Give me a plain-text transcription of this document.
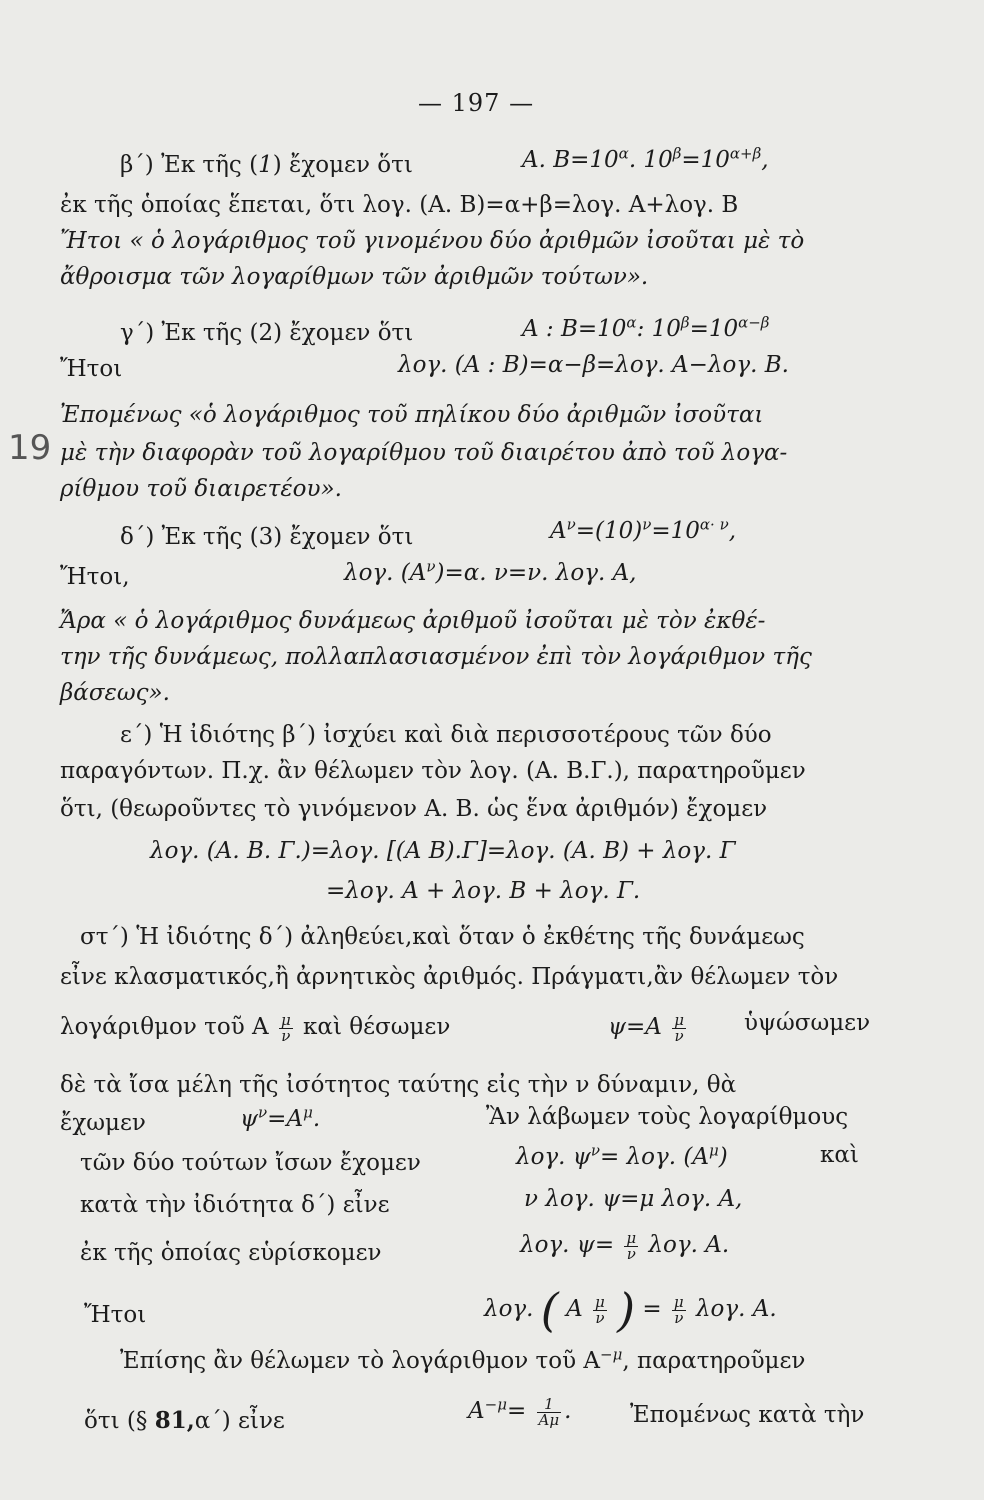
— 197 —
19
β΄) Ἐκ τῆς (1) ἔχομεν ὅτι	A. $B=10^\alpha$. $10^\beta=10^{\alpha+\beta}$,
ἐκ τῆς ὁποίας ἕπεται, ὅτι λογ. (A. B)=α+β=λογ. A+λογ. B
Ἤτοι « ὁ λογάριθμος τοῦ γινομένου δύο ἀριθμῶν ἰσοῦται μὲ τὸ
ἄθροισμα τῶν λογαρίθμων τῶν ἀριθμῶν τούτων».
γ΄) Ἐκ τῆς (2) ἔχομεν ὅτι	A : $B=10^\alpha$: $10^\beta=10^{\alpha-\beta}$
Ἤτοι	λογ. (A : B)=α−β=λογ. A−λογ. B.
Ἐπομένως «ὁ λογάριθμος τοῦ πηλίκου δύο ἀριθμῶν ἰσοῦται
μὲ τὴν διαφορὰν τοῦ λογαρίθμου τοῦ διαιρέτου ἀπὸ τοῦ λογα-
ρίθμου τοῦ διαιρετέου».
δ΄) Ἐκ τῆς (3) ἔχομεν ὅτι	$A^\nu=(10)^\nu=10^{\alpha\cdot \nu}$,
Ἤτοι,	λογ. $(A^\nu)=\alpha$. ν=ν. λογ. A,
Ἄρα « ὁ λογάριθμος δυνάμεως ἀριθμοῦ ἰσοῦται μὲ τὸν ἐκθέ-
την τῆς δυνάμεως, πολλαπλασιασμένον ἐπὶ τὸν λογάριθμον τῆς
βάσεως».
ε΄) Ἡ ἰδιότης β΄) ἰσχύει καὶ διὰ περισσοτέρους τῶν δύο
παραγόντων. Π.χ. ἂν θέλωμεν τὸν λογ. (A. B.Γ.), παρατηροῦμεν
ὅτι, (θεωροῦντες τὸ γινόμενον A. B. ὡς ἕνα ἀριθμόν) ἔχομεν
λογ. (A. B. Γ.)=λογ. [(A B).Γ]=λογ. (A. B) + λογ. Γ
=λογ. A + λογ. B + λογ. Γ.
στ΄) Ἡ ἰδιότης δ΄) ἀληθεύει,καὶ ὅταν ὁ ἐκθέτης τῆς δυνάμεως
εἶνε κλασματικός,ἢ ἀρνητικὸς ἀριθμός. Πράγματι,ἂν θέλωμεν τὸν
λογάριθμον τοῦ A $\frac{\mu}{\nu}$ καὶ θέσωμεν	$\psi=A \frac{\mu}{\nu}$	ὑψώσωμεν
δὲ τὰ ἴσα μέλη τῆς ἰσότητος ταύτης εἰς τὴν ν δύναμιν, θὰ
ἔχωμεν	$\psi^\nu=A^\mu$.	Ἂν λάβωμεν τοὺς λογαρίθμους
τῶν δύο τούτων ἴσων ἔχομεν	λογ. $\psi^\nu= \lambda o\gamma$. $(A^\mu)$	καὶ
κατὰ τὴν ἰδιότητα δ΄) εἶνε	ν λογ. ψ=μ λογ. A,
ἐκ τῆς ὁποίας εὑρίσκομεν	λογ. $\psi= \frac{\mu}{\nu} \lambda o\gamma$. A.
Ἤτοι	λογ. ( A $\frac{\mu}{\nu}$ ) = $\frac{\mu}{\nu} \lambda o\gamma$. A.
Ἐπίσης ἂν θέλωμεν τὸ λογάριθμον τοῦ $A^{-\mu}$, παρατηροῦμεν
ὅτι (§ 81,α΄) εἶνε	$A^{-\mu}= \frac{1}{A\mu}$ .	Ἐπομένως κατὰ τὴν
